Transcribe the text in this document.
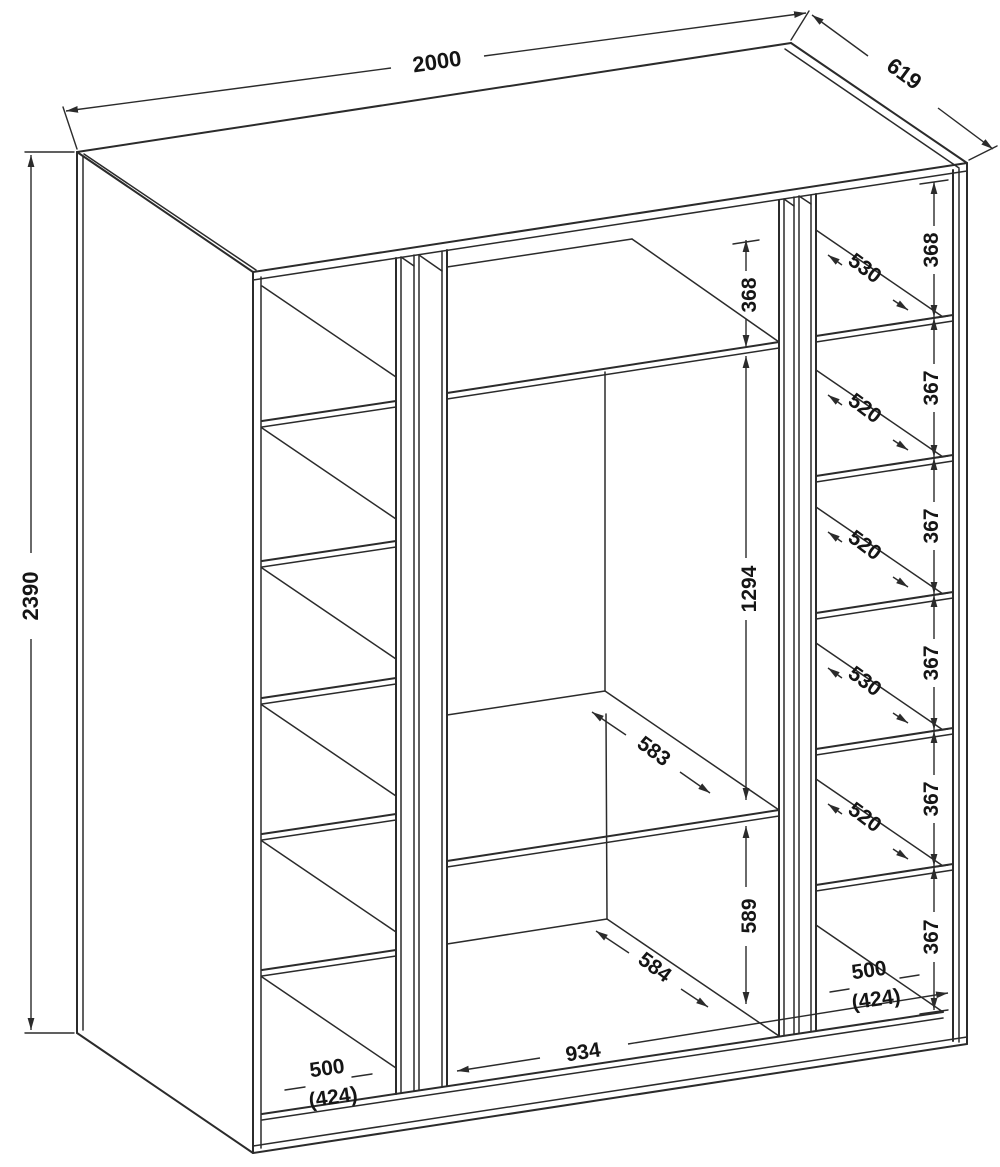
500
(424)
368
1294
589
583
584
934
530
520
520
530
520
368
367
367
367
367
367
500
(424)
2000	619
2390
